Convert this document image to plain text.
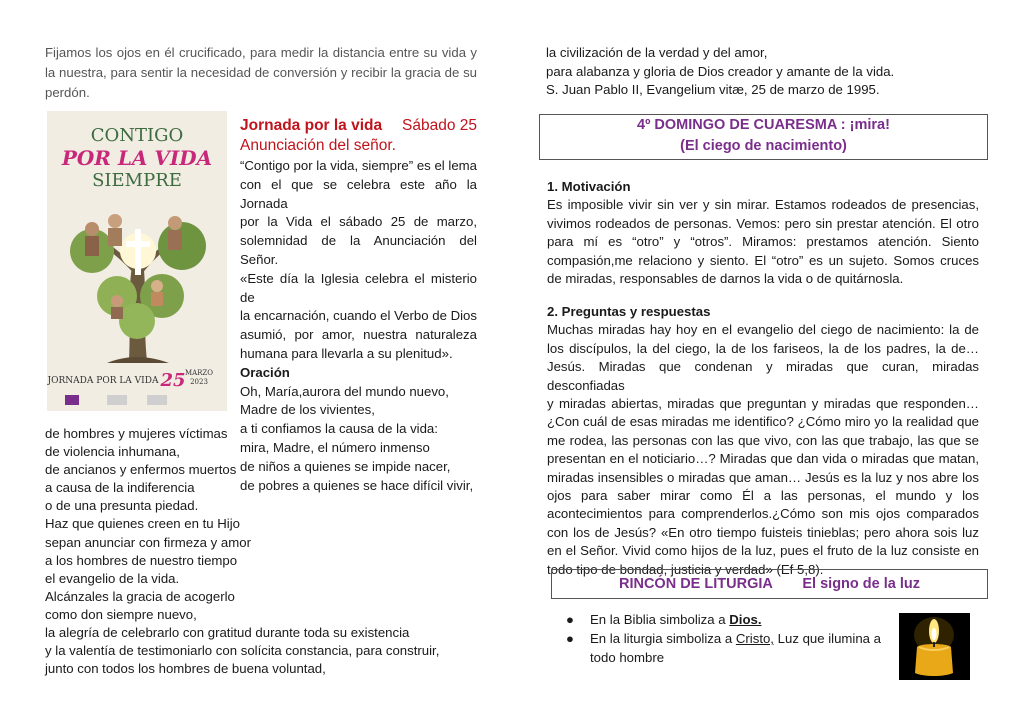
Fijamos los ojos en él crucificado, para medir la distancia entre su vida y
la nuestra, para sentir la necesidad de conversión y recibir la gracia de su
perdón.
CONTIGO
POR LA VIDA
SIEMPRE
JORNADA POR LA VIDA 25 MARZO
2023
Jornada por la vida Sábado 25
Anunciación del señor.
“Contigo por la vida, siempre” es el lema
con el que se celebra este año la Jornada
por la Vida el sábado 25 de marzo,
solemnidad de la Anunciación del Señor.
«Este día la Iglesia celebra el misterio de
la encarnación, cuando el Verbo de Dios
asumió, por amor, nuestra naturaleza
humana para llevarla a su plenitud».
Oración
Oh, María,aurora del mundo nuevo,
Madre de los vivientes,
a ti confiamos la causa de la vida:
mira, Madre, el número inmenso
de niños a quienes se impide nacer,
de pobres a quienes se hace difícil vivir,
de hombres y mujeres víctimas
de violencia inhumana,
de ancianos y enfermos muertos
a causa de la indiferencia
o de una presunta piedad.
Haz que quienes creen en tu Hijo
sepan anunciar con firmeza y amor
a los hombres de nuestro tiempo
el evangelio de la vida.
Alcánzales la gracia de acogerlo
como don siempre nuevo,
la alegría de celebrarlo con gratitud durante toda su existencia
y la valentía de testimoniarlo con solícita constancia, para construir,
junto con todos los hombres de buena voluntad,
la civilización de la verdad y del amor,
para alabanza y gloria de Dios creador y amante de la vida.
S. Juan Pablo II, Evangelium vitæ, 25 de marzo de 1995.
4º DOMINGO DE CUARESMA : ¡mira!
(El ciego de nacimiento)
1. Motivación
Es imposible vivir sin ver y sin mirar. Estamos rodeados de presencias,
vivimos rodeados de personas. Vemos: pero sin prestar atención. El otro
para mí es “otro” y “otros”. Miramos: prestamos atención. Siento
compasión,me relaciono y siento. El “otro” es un sujeto. Somos cruces
de miradas, responsables de darnos la vida o de quitárnosla.
2. Preguntas y respuestas
Muchas miradas hay hoy en el evangelio del ciego de nacimiento: la de
los discípulos, la del ciego, la de los fariseos, la de los padres, la de…
Jesús. Miradas que condenan y miradas que curan, miradas desconfiadas
y miradas abiertas, miradas que preguntan y miradas que responden…
¿Con cuál de esas miradas me identifico? ¿Cómo miro yo la realidad que
me rodea, las personas con las que vivo, con las que trabajo, las que se
presentan en el noticiario…? Miradas que dan vida o miradas que matan,
miradas insensibles o miradas que aman… Jesús es la luz y nos abre los
ojos para saber mirar como Él a las personas, el mundo y los
acontecimientos para comprenderlos.¿Cómo son mis ojos comparados
con los de Jesús? «En otro tiempo fuisteis tinieblas; pero ahora sois luz
en el Señor. Vivid como hijos de la luz, pues el fruto de la luz consiste en
todo tipo de bondad, justicia y verdad» (Ef 5,8).
RINCÓN DE LITURGIA El signo de la luz
● En la Biblia simboliza a Dios.
● En la liturgia simboliza a Cristo, Luz que ilumina a
todo hombre
